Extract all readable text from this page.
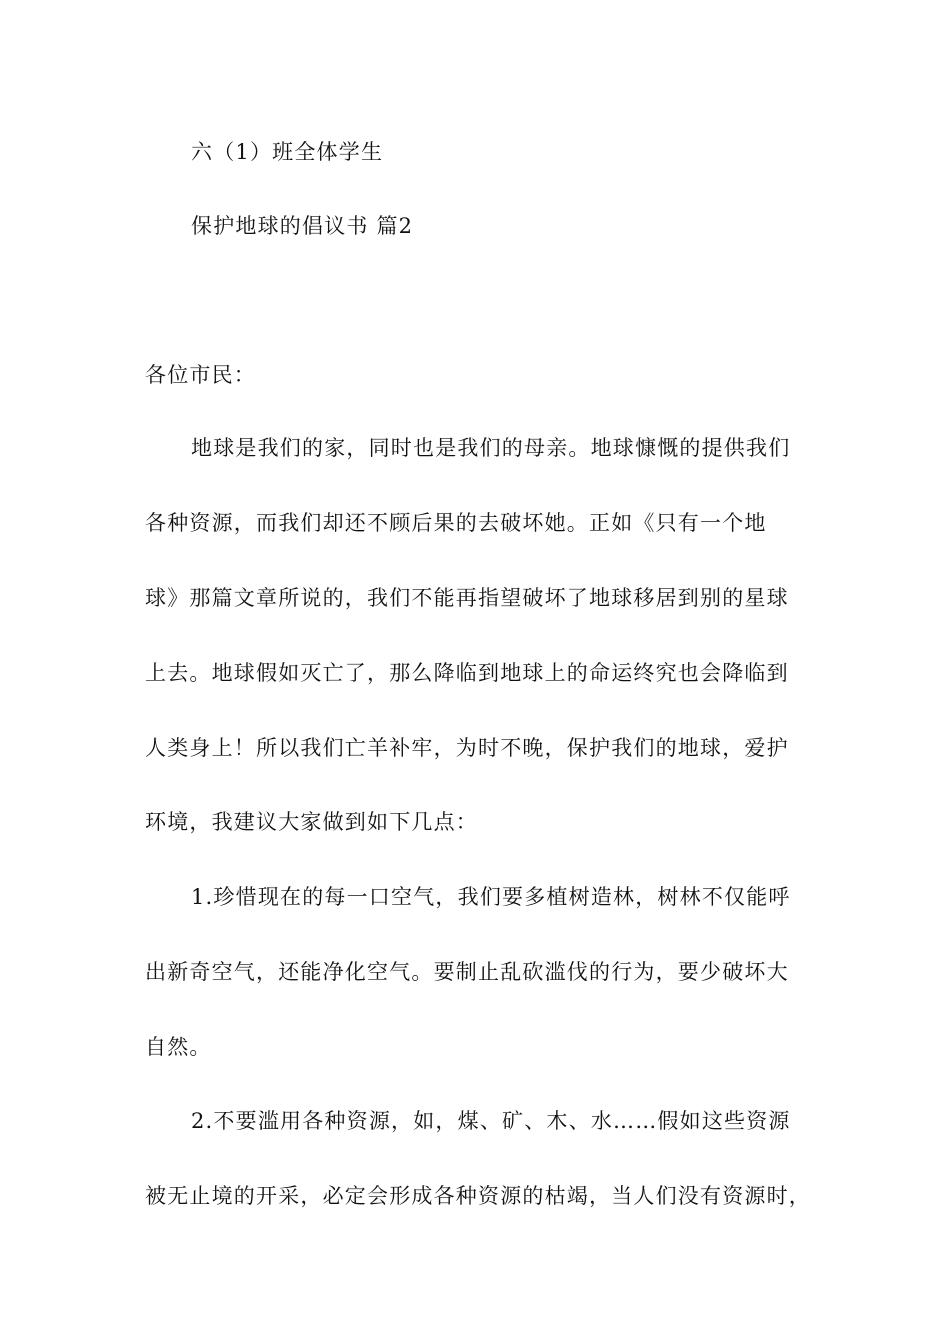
六（1）班全体学生
保护地球的倡议书 篇2
各位市民：
地球是我们的家，同时也是我们的母亲。地球慷慨的提供我们
各种资源，而我们却还不顾后果的去破坏她。正如《只有一个地
球》那篇文章所说的，我们不能再指望破坏了地球移居到别的星球
上去。地球假如灭亡了，那么降临到地球上的命运终究也会降临到
人类身上！所以我们亡羊补牢，为时不晚，保护我们的地球，爱护
环境，我建议大家做到如下几点：
1.珍惜现在的每一口空气，我们要多植树造林，树林不仅能呼
出新奇空气，还能净化空气。要制止乱砍滥伐的行为，要少破坏大
自然。
2.不要滥用各种资源，如，煤、矿、木、水……假如这些资源
被无止境的开采，必定会形成各种资源的枯竭，当人们没有资源时，
